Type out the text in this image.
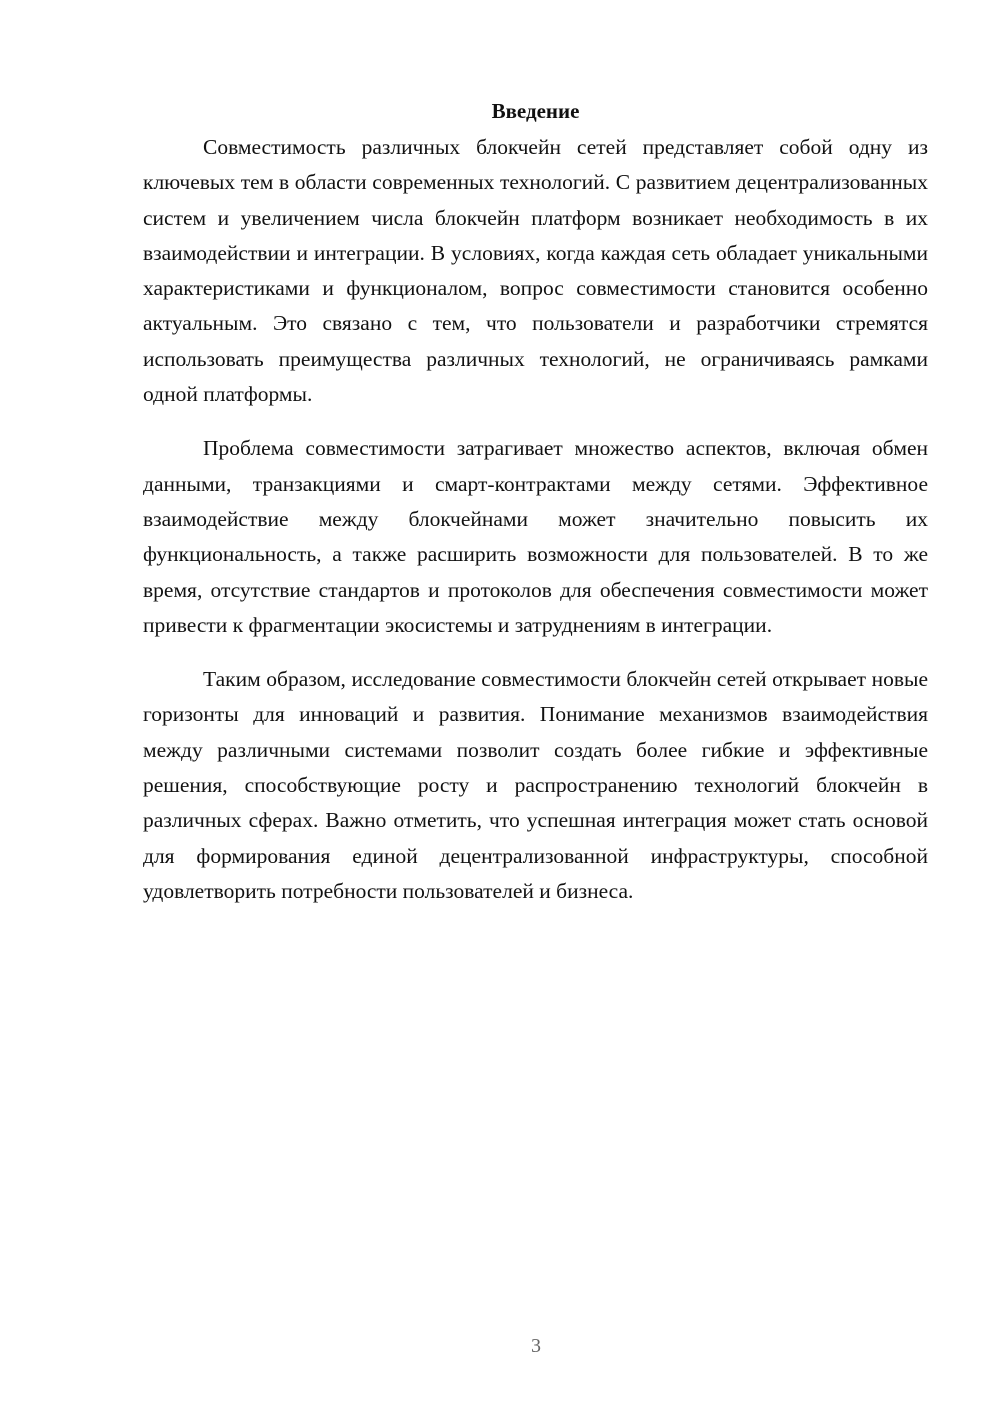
Введение

Совместимость различных блокчейн сетей представляет собой одну из ключевых тем в области современных технологий. С развитием децентрализованных систем и увеличением числа блокчейн платформ возникает необходимость в их взаимодействии и интеграции. В условиях, когда каждая сеть обладает уникальными характеристиками и функционалом, вопрос совместимости становится особенно актуальным. Это связано с тем, что пользователи и разработчики стремятся использовать преимущества различных технологий, не ограничиваясь рамками одной платформы.

Проблема совместимости затрагивает множество аспектов, включая обмен данными, транзакциями и смарт-контрактами между сетями. Эффективное взаимодействие между блокчейнами может значительно повысить их функциональность, а также расширить возможности для пользователей. В то же время, отсутствие стандартов и протоколов для обеспечения совместимости может привести к фрагментации экосистемы и затруднениям в интеграции.

Таким образом, исследование совместимости блокчейн сетей открывает новые горизонты для инноваций и развития. Понимание механизмов взаимодействия между различными системами позволит создать более гибкие и эффективные решения, способствующие росту и распространению технологий блокчейн в различных сферах. Важно отметить, что успешная интеграция может стать основой для формирования единой децентрализованной инфраструктуры, способной удовлетворить потребности пользователей и бизнеса.

3
